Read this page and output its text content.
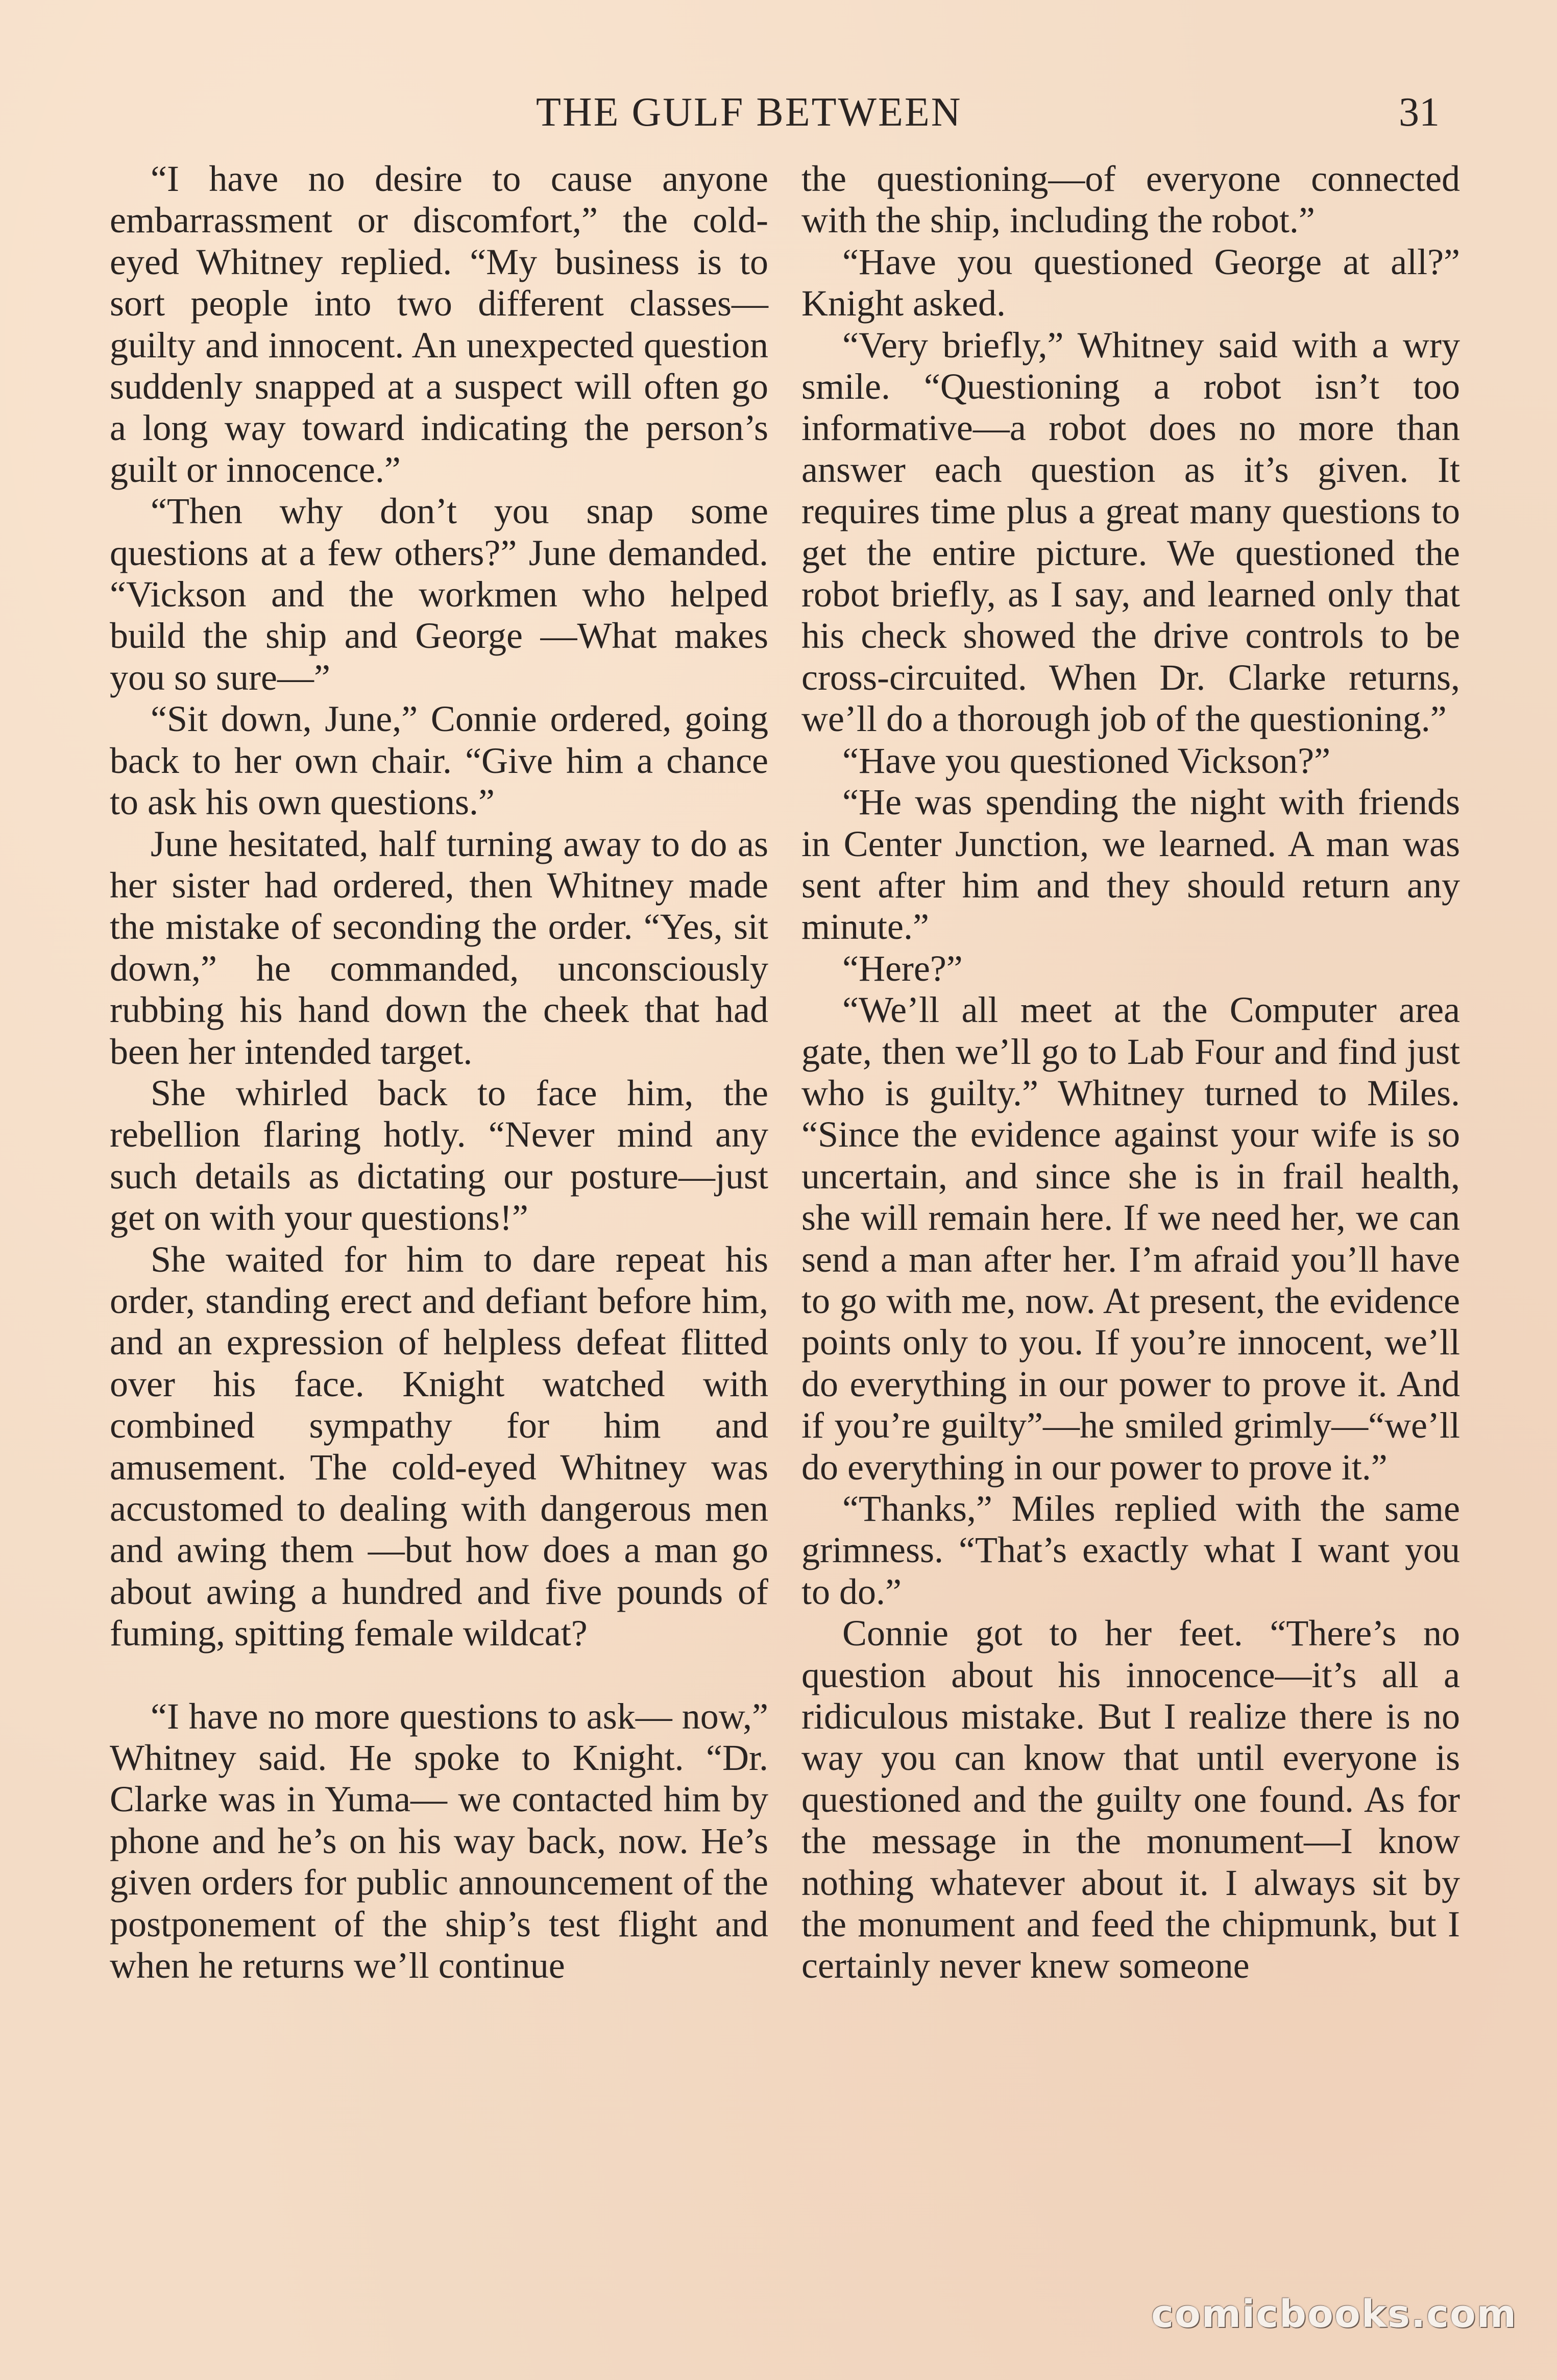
THE GULF BETWEEN	31

“I have no desire to cause anyone embarrassment or discomfort,” the cold-eyed Whitney replied. “My business is to sort people into two different classes—guilty and innocent. An unexpected question suddenly snapped at a suspect will often go a long way toward indicating the person’s guilt or innocence.”

“Then why don’t you snap some questions at a few others?” June demanded. “Vickson and the workmen who helped build the ship and George —What makes you so sure—”

“Sit down, June,” Connie ordered, going back to her own chair. “Give him a chance to ask his own questions.”

June hesitated, half turning away to do as her sister had ordered, then Whitney made the mistake of seconding the order. “Yes, sit down,” he commanded, unconsciously rubbing his hand down the cheek that had been her intended target.

She whirled back to face him, the rebellion flaring hotly. “Never mind any such details as dictating our posture—just get on with your questions!”

She waited for him to dare repeat his order, standing erect and defiant before him, and an expression of helpless defeat flitted over his face. Knight watched with combined sympathy for him and amusement. The cold-eyed Whitney was accustomed to dealing with dangerous men and awing them —but how does a man go about awing a hundred and five pounds of fuming, spitting female wildcat?

“I have no more questions to ask— now,” Whitney said. He spoke to Knight. “Dr. Clarke was in Yuma— we contacted him by phone and he’s on his way back, now. He’s given orders for public announcement of the postponement of the ship’s test flight and when he returns we’ll continue

the questioning—of everyone connected with the ship, including the robot.”

“Have you questioned George at all?” Knight asked.

“Very briefly,” Whitney said with a wry smile. “Questioning a robot isn’t too informative—a robot does no more than answer each question as it’s given. It requires time plus a great many questions to get the entire picture. We questioned the robot briefly, as I say, and learned only that his check showed the drive controls to be cross-circuited. When Dr. Clarke returns, we’ll do a thorough job of the questioning.”

“Have you questioned Vickson?”

“He was spending the night with friends in Center Junction, we learned. A man was sent after him and they should return any minute.”

“Here?”

“We’ll all meet at the Computer area gate, then we’ll go to Lab Four and find just who is guilty.” Whitney turned to Miles. “Since the evidence against your wife is so uncertain, and since she is in frail health, she will remain here. If we need her, we can send a man after her. I’m afraid you’ll have to go with me, now. At present, the evidence points only to you. If you’re innocent, we’ll do everything in our power to prove it. And if you’re guilty”—he smiled grimly—“we’ll do everything in our power to prove it.”

“Thanks,” Miles replied with the same grimness. “That’s exactly what I want you to do.”

Connie got to her feet. “There’s no question about his innocence—it’s all a ridiculous mistake. But I realize there is no way you can know that until everyone is questioned and the guilty one found. As for the message in the monument—I know nothing whatever about it. I always sit by the monument and feed the chipmunk, but I certainly never knew someone

comicbooks.com
